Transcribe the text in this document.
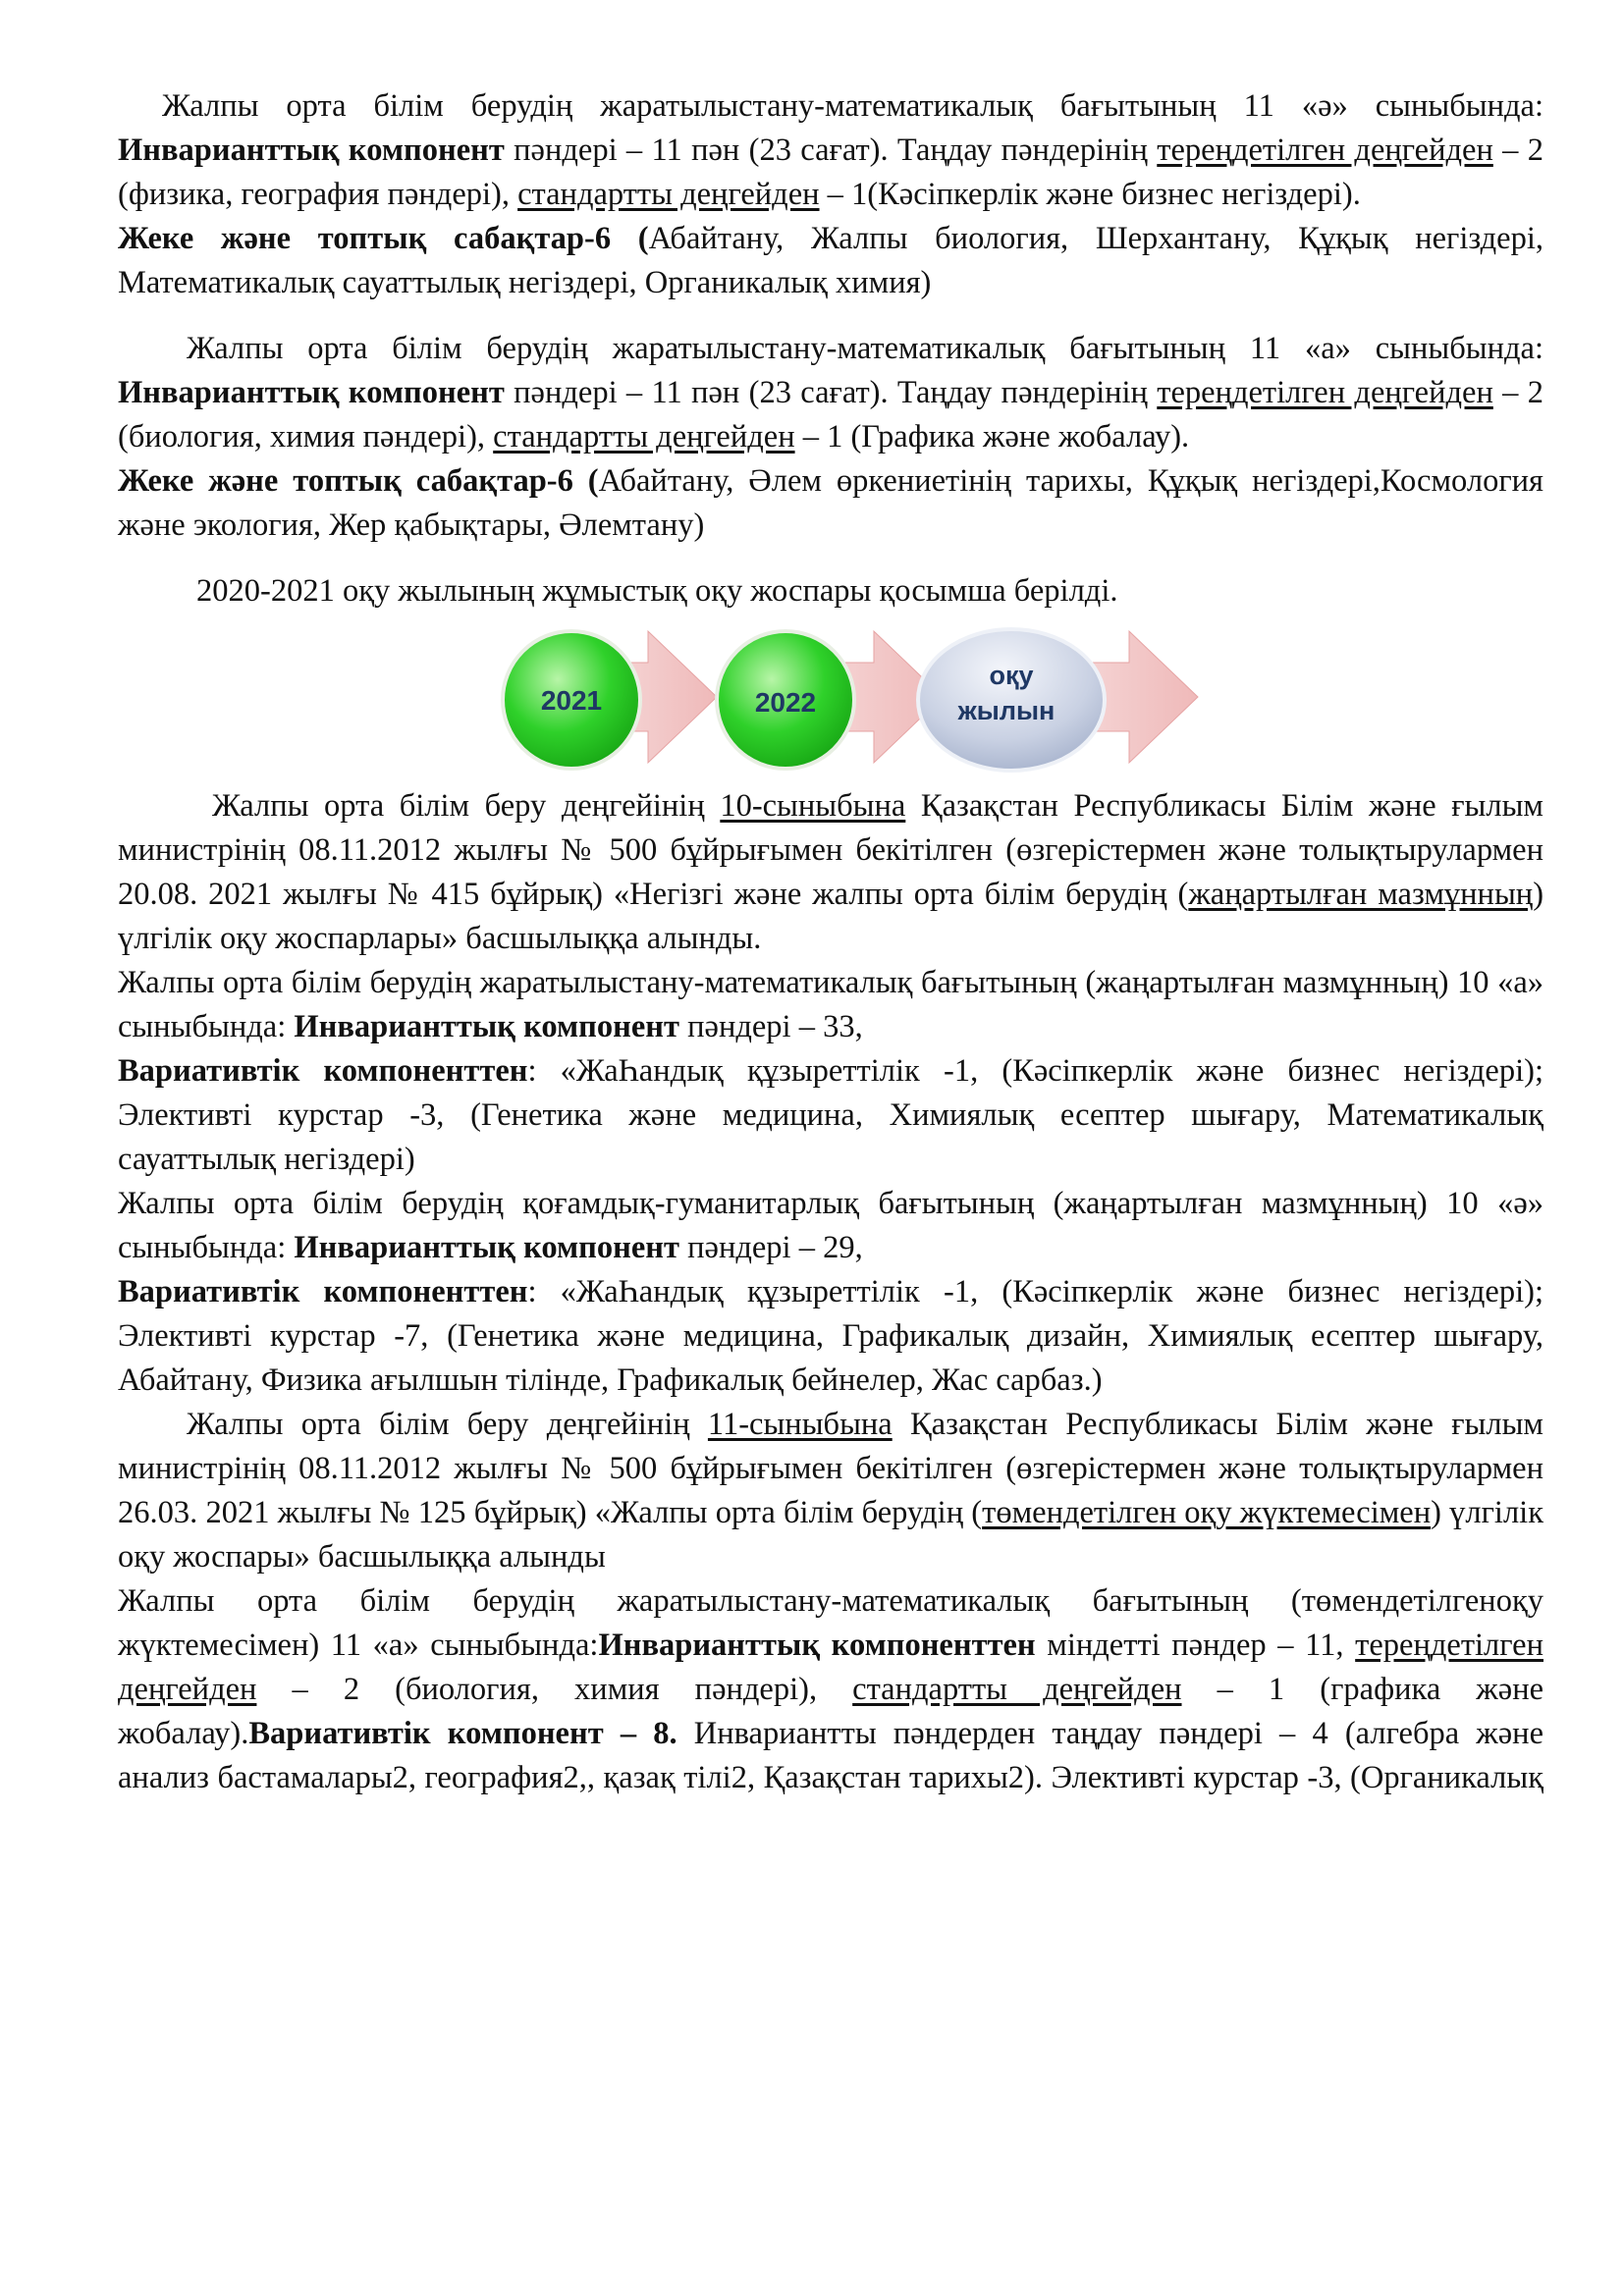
Жалпы орта білім берудің жаратылыстану-математикалық бағытының 11 «ә» сыныбында: Инварианттық компонент пәндері – 11 пән (23 сағат). Таңдау пәндерінің тереңдетілген деңгейден – 2 (физика, география пәндері), стандартты деңгейден – 1(Кәсіпкерлік және бизнес негіздері).

Жеке және топтық сабақтар-6 (Абайтану, Жалпы биология, Шерхантану, Құқық негіздері, Математикалық сауаттылық негіздері, Органикалық химия)

Жалпы орта білім берудің жаратылыстану-математикалық бағытының 11 «а» сыныбында: Инварианттық компонент пәндері – 11 пән (23 сағат). Таңдау пәндерінің тереңдетілген деңгейден – 2 (биология, химия пәндері), стандартты деңгейден – 1 (Графика және жобалау).

Жеке және топтық сабақтар-6 (Абайтану, Әлем өркениетінің тарихы, Құқық негіздері,Космология және экология, Жер қабықтары, Әлемтану)

2020-2021 оқу жылының жұмыстық оқу жоспары қосымша берілді.

2021	2022
оқу
жылын

Жалпы орта білім беру деңгейінің 10-сыныбына Қазақстан Республикасы Білім және ғылым министрінің 08.11.2012 жылғы № 500 бұйрығымен бекітілген (өзгерістермен және толықтырулармен 20.08. 2021 жылғы № 415 бұйрық) «Негізгі және жалпы орта білім берудің (жаңартылған мазмұнның) үлгілік оқу жоспарлары» басшылыққа алынды.

Жалпы орта білім берудің жаратылыстану-математикалық бағытының (жаңартылған мазмұнның) 10 «а» сыныбында: Инварианттық компонент пәндері – 33,

Вариативтік компоненттен: «ЖаҺандық құзыреттілік -1, (Кәсіпкерлік және бизнес негіздері); Элективті курстар -3, (Генетика және медицина, Химиялық есептер шығару, Математикалық сауаттылық негіздері)

Жалпы орта білім берудің қоғамдық-гуманитарлық бағытының (жаңартылған мазмұнның) 10 «ә» сыныбында: Инварианттық компонент пәндері – 29,

Вариативтік компоненттен: «ЖаҺандық құзыреттілік -1, (Кәсіпкерлік және бизнес негіздері); Элективті курстар -7, (Генетика және медицина, Графикалық дизайн, Химиялық есептер шығару, Абайтану, Физика ағылшын тілінде, Графикалық бейнелер, Жас сарбаз.)

Жалпы орта білім беру деңгейінің 11-сыныбына Қазақстан Республикасы Білім және ғылым министрінің 08.11.2012 жылғы № 500 бұйрығымен бекітілген (өзгерістермен және толықтырулармен 26.03. 2021 жылғы № 125 бұйрық) «Жалпы орта білім берудің (төмендетілген оқу жүктемесімен) үлгілік оқу жоспары» басшылыққа алынды

Жалпы орта білім берудің жаратылыстану-математикалық бағытының (төмендетілгеноқу жүктемесімен) 11 «а» сыныбында:Инварианттық компоненттен міндетті пәндер – 11, тереңдетілген деңгейден – 2 (биология, химия пәндері), стандартты деңгейден – 1 (графика және жобалау).Вариативтік компонент – 8. Инвариантты пәндерден таңдау пәндері – 4 (алгебра және анализ бастамалары2, география2,, қазақ тілі2, Қазақстан тарихы2). Элективті курстар -3, (Органикалық
